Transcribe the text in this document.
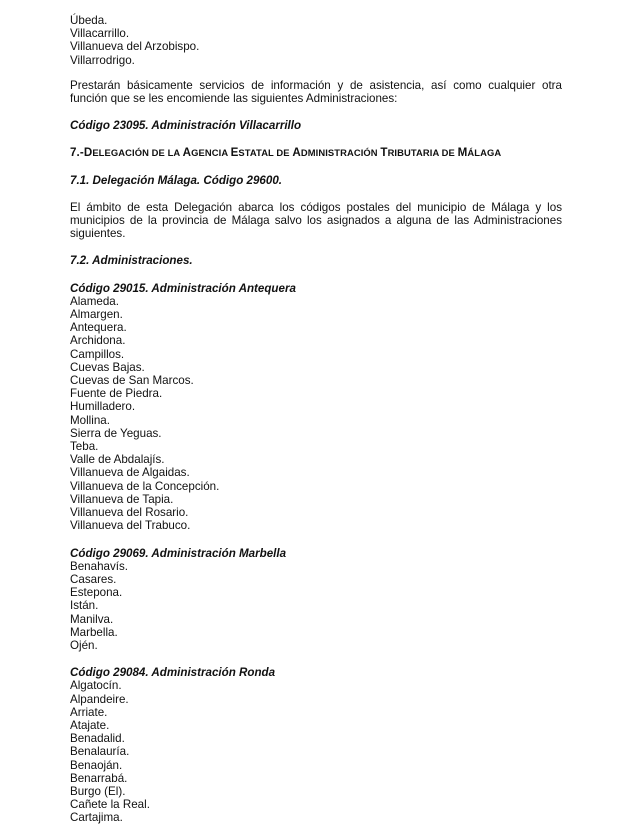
Úbeda.
Villacarrillo.
Villanueva del Arzobispo.
Villarrodrigo.
Prestarán básicamente servicios de información y de asistencia, así como cualquier otra función que se les encomiende las siguientes Administraciones:
Código 23095. Administración Villacarrillo
7.-DELEGACIÓN DE LA AGENCIA ESTATAL DE ADMINISTRACIÓN TRIBUTARIA DE MÁLAGA
7.1. Delegación Málaga. Código 29600.
El ámbito de esta Delegación abarca los códigos postales del municipio de Málaga y los municipios de la provincia de Málaga salvo los asignados a alguna de las Administraciones siguientes.
7.2. Administraciones.
Código 29015. Administración Antequera
Alameda.
Almargen.
Antequera.
Archidona.
Campillos.
Cuevas Bajas.
Cuevas de San Marcos.
Fuente de Piedra.
Humilladero.
Mollina.
Sierra de Yeguas.
Teba.
Valle de Abdalajís.
Villanueva de Algaidas.
Villanueva de la Concepción.
Villanueva de Tapia.
Villanueva del Rosario.
Villanueva del Trabuco.
Código 29069. Administración Marbella
Benahavís.
Casares.
Estepona.
Istán.
Manilva.
Marbella.
Ojén.
Código 29084. Administración Ronda
Algatocín.
Alpandeire.
Arriate.
Atajate.
Benadalid.
Benalauría.
Benaoján.
Benarrabá.
Burgo (El).
Cañete la Real.
Cartajima.
